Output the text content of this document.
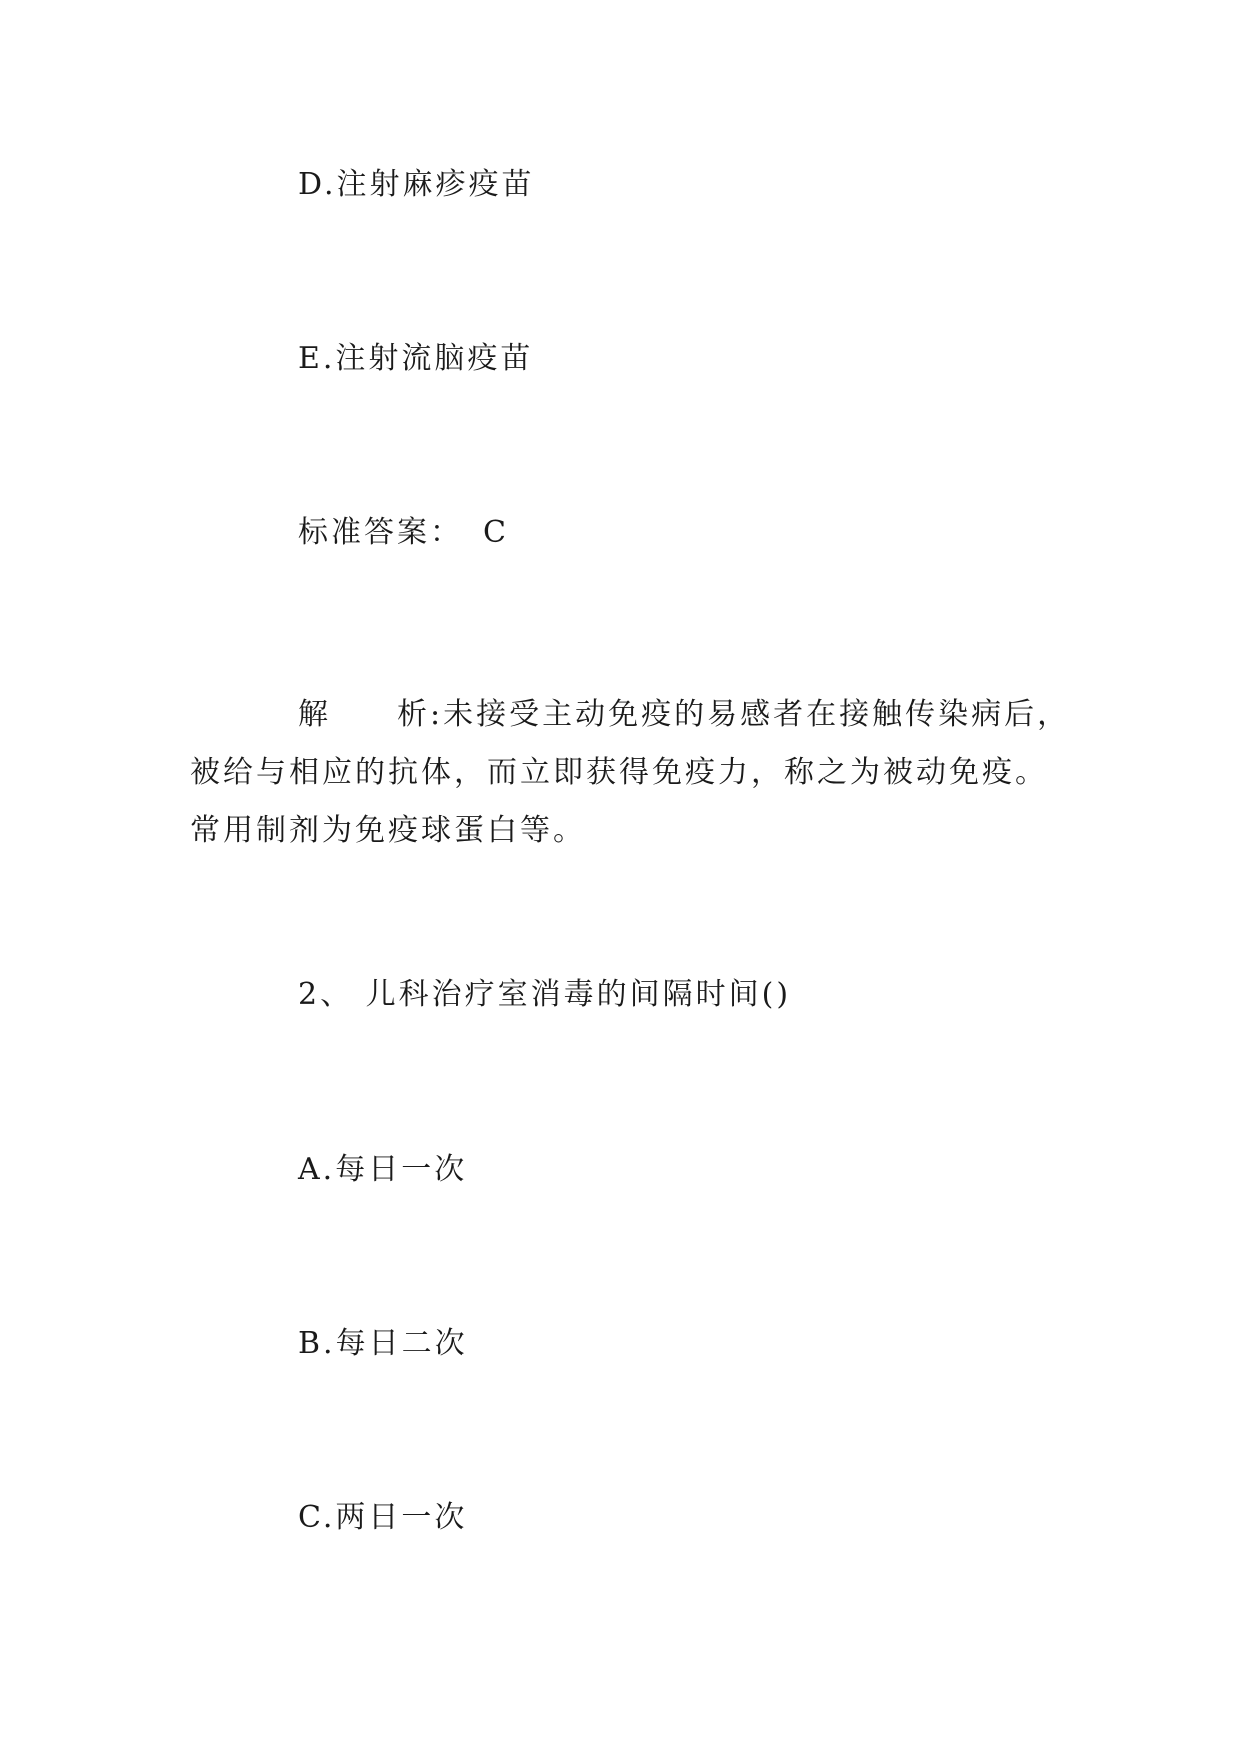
D.注射麻疹疫苗
E.注射流脑疫苗
标准答案： C
解 析:未接受主动免疫的易感者在接触传染病后，
被给与相应的抗体，而立即获得免疫力，称之为被动免疫。
常用制剂为免疫球蛋白等。
2、 儿科治疗室消毒的间隔时间()
A.每日一次
B.每日二次
C.两日一次
